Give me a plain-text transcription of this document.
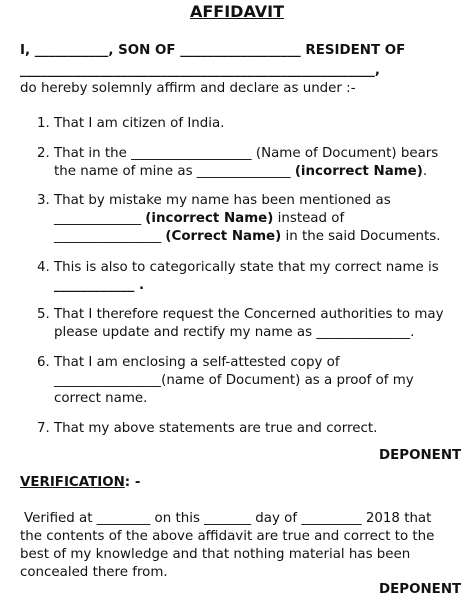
AFFIDAVIT
I, ___________, SON OF __________________ RESIDENT OF
_____________________________________________________,
do hereby solemnly affirm and declare as under :-
1. That I am citizen of India.
2. That in the __________________ (Name of Document) bears
the name of mine as ______________ (incorrect Name).
3. That by mistake my name has been mentioned as
_____________ (incorrect Name) instead of
________________ (Correct Name) in the said Documents.
4. This is also to categorically state that my correct name is
____________ .
5. That I therefore request the Concerned authorities to may
please update and rectify my name as ______________.
6. That I am enclosing a self-attested copy of
________________(name of Document) as a proof of my
correct name.
7. That my above statements are true and correct.
DEPONENT
VERIFICATION: -
Verified at ________ on this _______ day of _________ 2018 that
the contents of the above affidavit are true and correct to the
best of my knowledge and that nothing material has been
concealed there from.
DEPONENT
